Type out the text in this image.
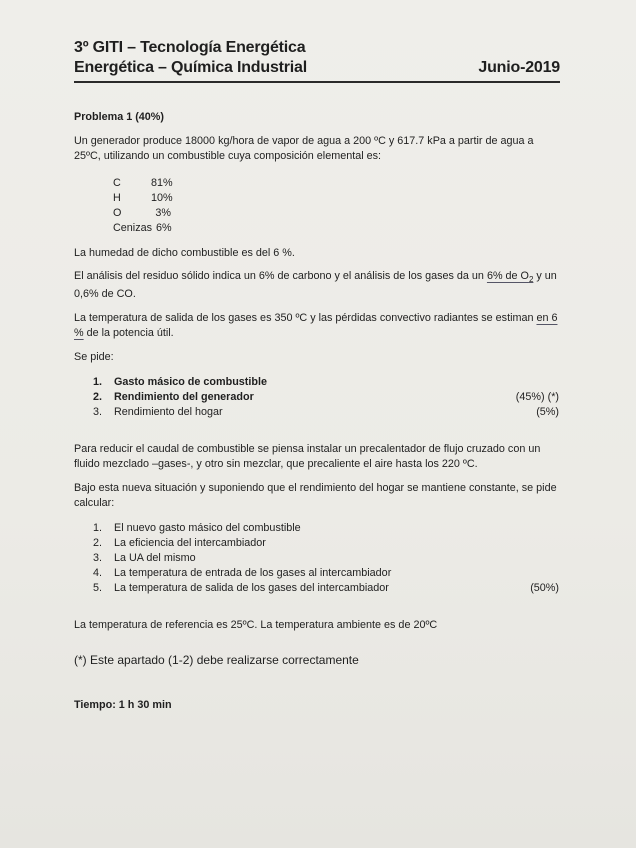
3º GITI – Tecnología Energética
Energética – Química Industrial	Junio-2019

Problema 1 (40%)

Un generador produce 18000 kg/hora de vapor de agua a 200 ºC y 617.7 kPa a partir de agua a 25ºC, utilizando un combustible cuya composición elemental es:

C	81%
H	10%
O	3%
Cenizas 6%

La humedad de dicho combustible es del 6 %.

El análisis del residuo sólido indica un 6% de carbono y el análisis de los gases da un 6% de $O_2$ y un 0,6% de CO.

La temperatura de salida de los gases es 350 ºC y las pérdidas convectivo radiantes se estiman en 6 % de la potencia útil.

Se pide:

1. Gasto másico de combustible
2. Rendimiento del generador	(45%) (*)
3. Rendimiento del hogar	(5%)

Para reducir el caudal de combustible se piensa instalar un precalentador de flujo cruzado con un fluido mezclado –gases-, y otro sin mezclar, que precaliente el aire hasta los 220 ºC.

Bajo esta nueva situación y suponiendo que el rendimiento del hogar se mantiene constante, se pide calcular:

1. El nuevo gasto másico del combustible
2. La eficiencia del intercambiador
3. La UA del mismo
4. La temperatura de entrada de los gases al intercambiador
5. La temperatura de salida de los gases del intercambiador	(50%)

La temperatura de referencia es 25ºC. La temperatura ambiente es de 20ºC

(*) Este apartado (1-2) debe realizarse correctamente

Tiempo: 1 h 30 min
